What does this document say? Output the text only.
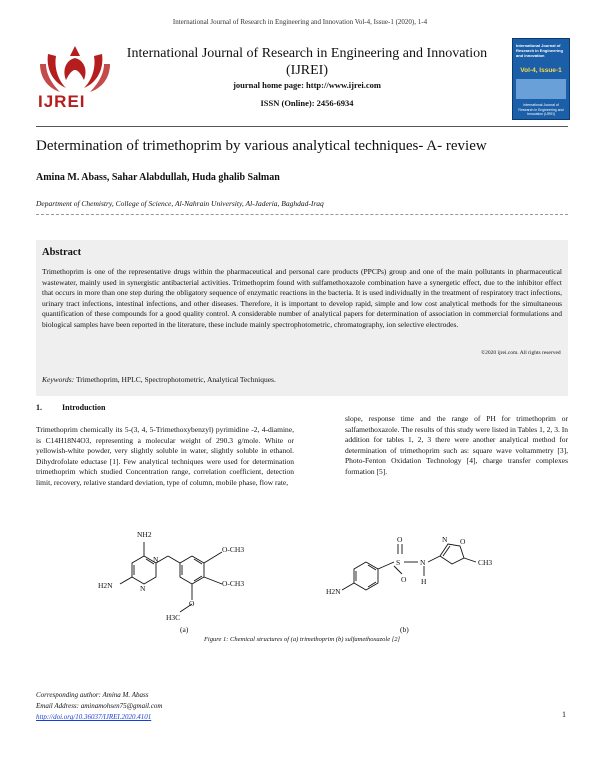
International Journal of Research in Engineering and Innovation Vol-4, Issue-1 (2020), 1-4
IJREI
International Journal of Research in Engineering and Innovation
(IJREI)
journal home page: http://www.ijrei.com
ISSN (Online): 2456-6934
International Journal of Research in Engineering and Innovation
Vol-4, Issue-1
International Journal of Research in Engineering and Innovation (IJREI)
Determination of trimethoprim by various analytical techniques- A- review
Amina M. Abass, Sahar Alabdullah, Huda ghalib Salman
Department of Chemistry, College of Science, Al-Nahrain University, Al-Jaderia, Baghdad-Iraq
Abstract
Trimethoprim is one of the representative drugs within the pharmaceutical and personal care products (PPCPs) group and one of the main pollutants in pharmaceutical wastewater, mainly used in synergistic antibacterial activities. Trimethoprim found with sulfamethoxazole combination have a synergetic effect, due to the inhibitor effect that occurs in more than one step during the obligatory sequence of enzymatic reactions in the bacteria. It is used individually in the treatment of respiratory tract infections, urinary tract infections, intestinal infections, and other diseases. Therefore, it is important to develop rapid, simple and low cost analytical methods for the simultaneous quantification of these compounds for a good quality control. A considerable number of analytical papers for determination of association in commercial formulations and biological samples have been reported in the literature, these include mainly spectrophotometric, chromatography, ion selective electrodes.
©2020 ijrei.com. All rights reserved
Keywords: Trimethoprim, HPLC, Spectrophotometric, Analytical Techniques.
1.	Introduction
Trimethoprim chemically its 5-(3, 4, 5-Trimethoxybenzyl) pyrimidine -2, 4-diamine, is C14H18N4O3, representing a molecular weight of 290.3 g/mole. White or yellowish-white powder, very slightly soluble in water, slightly soluble in ethanol. Dihydrofolate eductase [1]. Few analytical techniques were used for determination trimethoprim which studied Concentration range, correlation coefficient, detection limit, recovery, relative standard deviation, type of column, mobile phase, flow rate,
slope, response time and the range of PH for trimethoprim or salfamethoxazole. The results of this study were listed in Tables 1, 2, 3. In addition for tables 1, 2, 3 there were another analytical method for determination of trimethoprim such as: square wave voltammetry [3], Photo-Fenton Oxidation Technology [4], charge transfer complexes formation [5].
NH2
H2N
N
N
O-CH3
O-CH3
O
H3C
(a)
S
O
O
N
H
N O
CH3
H2N
(b)
Figure 1: Chemical structures of (a) trimethoprim (b) sulfamethoxazole [2]
Corresponding author: Amina M. Abass
Email Address: aminamohsen75@gmail.com
http://doi.org/10.36037/IJREI.2020.4101	1
